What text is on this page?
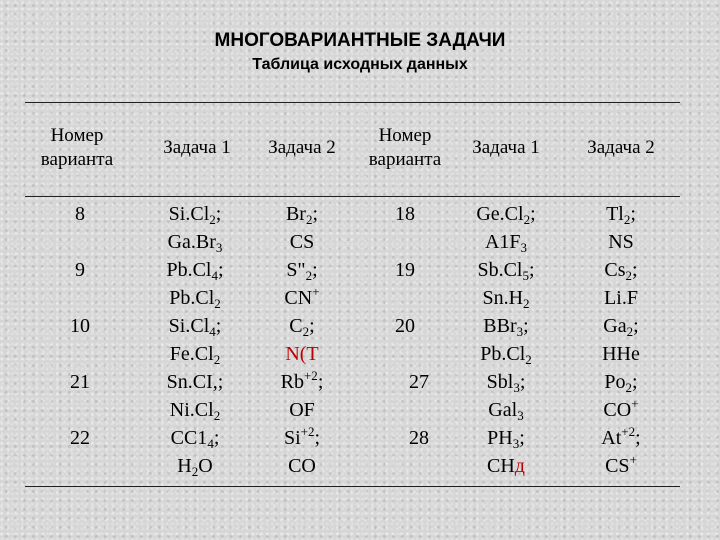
МНОГОВАРИАНТНЫЕ ЗАДАЧИ
Таблица исходных данных
Номер
варианта
Задача 1 Задача 2
Номер
варианта
Задача 1 Задача 2
8
9
10
21
22
$Si.Cl_2$;
$Ga.Br_3$
$Pb.Cl_4$;
$Pb.Cl_2$
$Si.Cl_4$;
$Fe.Cl_2$
Sn.CI,;
$Ni.Cl_2$
$CC1_4$;
$H_2O$
$Br_2$;
CS
$S"_2$;
CN+
$C_2$;
N(T
$Rb^{+2}$;
OF
$Si^{+2}$;
CO
18
19
20
27
28
$Ge.Cl_2$;
$A1F_3$
$Sb.Cl_5$;
$Sn.H_2$
BBr$_3$;
$Pb.Cl_2$
Sbl$_3$;
Gal$_3$
$PH_3$;
CHд
$Tl_2$;
NS
$Cs_2$;
Li.F
$Ga_2$;
HHe
$Po_2$;
CO+
$At^{+2}$;
CS+
